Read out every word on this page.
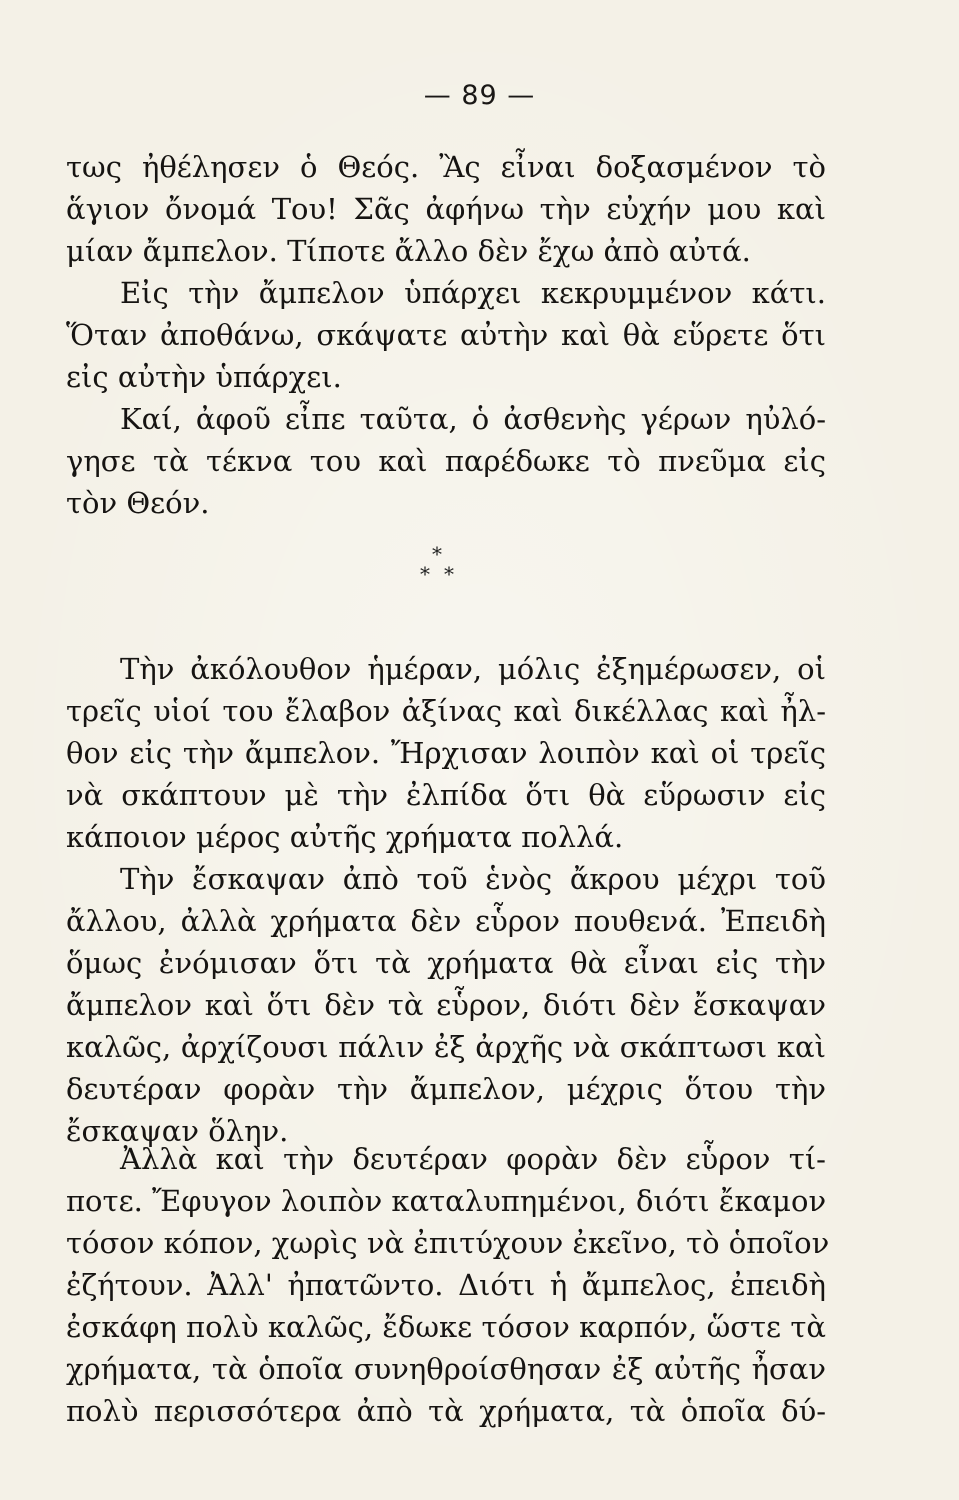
— 89 —
τως ἠθέλησεν ὁ Θεός. Ἂς εἶναι δοξασμένον τὸ
ἅγιον ὄνομά Του! Σᾶς ἀφήνω τὴν εὐχήν μου καὶ
μίαν ἄμπελον. Τίποτε ἄλλο δὲν ἔχω ἀπὸ αὐτά.
Εἰς τὴν ἄμπελον ὑπάρχει κεκρυμμένον κάτι.
Ὅταν ἀποθάνω, σκάψατε αὐτὴν καὶ θὰ εὕρετε ὅτι
εἰς αὐτὴν ὑπάρχει.
Καί, ἀφοῦ εἶπε ταῦτα, ὁ ἀσθενὴς γέρων ηὐλό-
γησε τὰ τέκνα του καὶ παρέδωκε τὸ πνεῦμα εἰς
τὸν Θεόν.
*
* *
Τὴν ἀκόλουθον ἡμέραν, μόλις ἐξημέρωσεν, οἱ
τρεῖς υἱοί του ἔλαβον ἀξίνας καὶ δικέλλας καὶ ἦλ-
θον εἰς τὴν ἄμπελον. Ἤρχισαν λοιπὸν καὶ οἱ τρεῖς
νὰ σκάπτουν μὲ τὴν ἐλπίδα ὅτι θὰ εὕρωσιν εἰς
κάποιον μέρος αὐτῆς χρήματα πολλά.
Τὴν ἔσκαψαν ἀπὸ τοῦ ἑνὸς ἄκρου μέχρι τοῦ
ἄλλου, ἀλλὰ χρήματα δὲν εὗρον πουθενά. Ἐπειδὴ
ὅμως ἐνόμισαν ὅτι τὰ χρήματα θὰ εἶναι εἰς τὴν
ἄμπελον καὶ ὅτι δὲν τὰ εὗρον, διότι δὲν ἔσκαψαν
καλῶς, ἀρχίζουσι πάλιν ἐξ ἀρχῆς νὰ σκάπτωσι καὶ
δευτέραν φορὰν τὴν ἄμπελον, μέχρις ὅτου τὴν
ἔσκαψαν ὅλην.
Ἀλλὰ καὶ τὴν δευτέραν φορὰν δὲν εὗρον τί-
ποτε. Ἔφυγον λοιπὸν καταλυπημένοι, διότι ἔκαμον
τόσον κόπον, χωρὶς νὰ ἐπιτύχουν ἐκεῖνο, τὸ ὁποῖον
ἐζήτουν. Ἀλλ' ἠπατῶντο. Διότι ἡ ἄμπελος, ἐπειδὴ
ἐσκάφη πολὺ καλῶς, ἔδωκε τόσον καρπόν, ὥστε τὰ
χρήματα, τὰ ὁποῖα συνηθροίσθησαν ἐξ αὐτῆς ἦσαν
πολὺ περισσότερα ἀπὸ τὰ χρήματα, τὰ ὁποῖα δύ-
